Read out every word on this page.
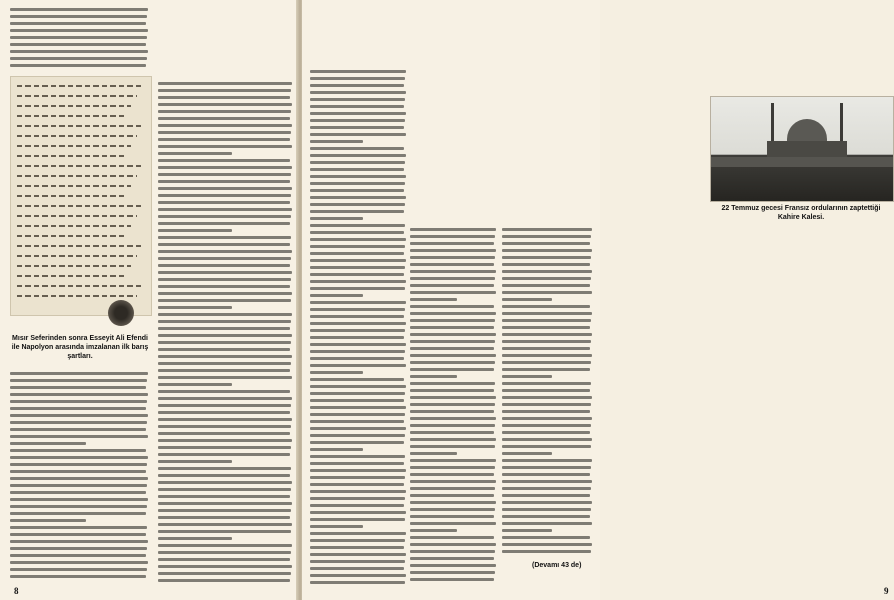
Mısır Seferinden sonra Esseyit Ali Efendi ile Napolyon arasında imzalanan ilk barış şartları.
8
22 Temmuz gecesi Fransız ordularının zaptettiği Kahire Kalesi.
9
(Devamı 43 de)
